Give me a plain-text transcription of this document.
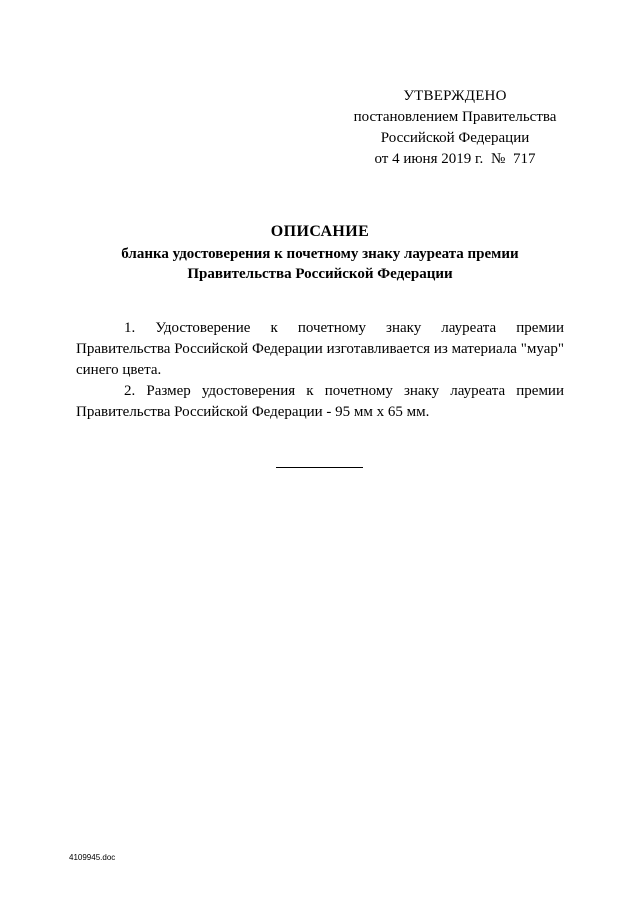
УТВЕРЖДЕНО
постановлением Правительства
Российской Федерации
от 4 июня 2019 г. № 717
ОПИСАНИЕ
бланка удостоверения к почетному знаку лауреата премии
Правительства Российской Федерации

1. Удостоверение к почетному знаку лауреата премии Правительства Российской Федерации изготавливается из материала "муар" синего цвета.

2. Размер удостоверения к почетному знаку лауреата премии Правительства Российской Федерации - 95 мм х 65 мм.

4109945.doc
